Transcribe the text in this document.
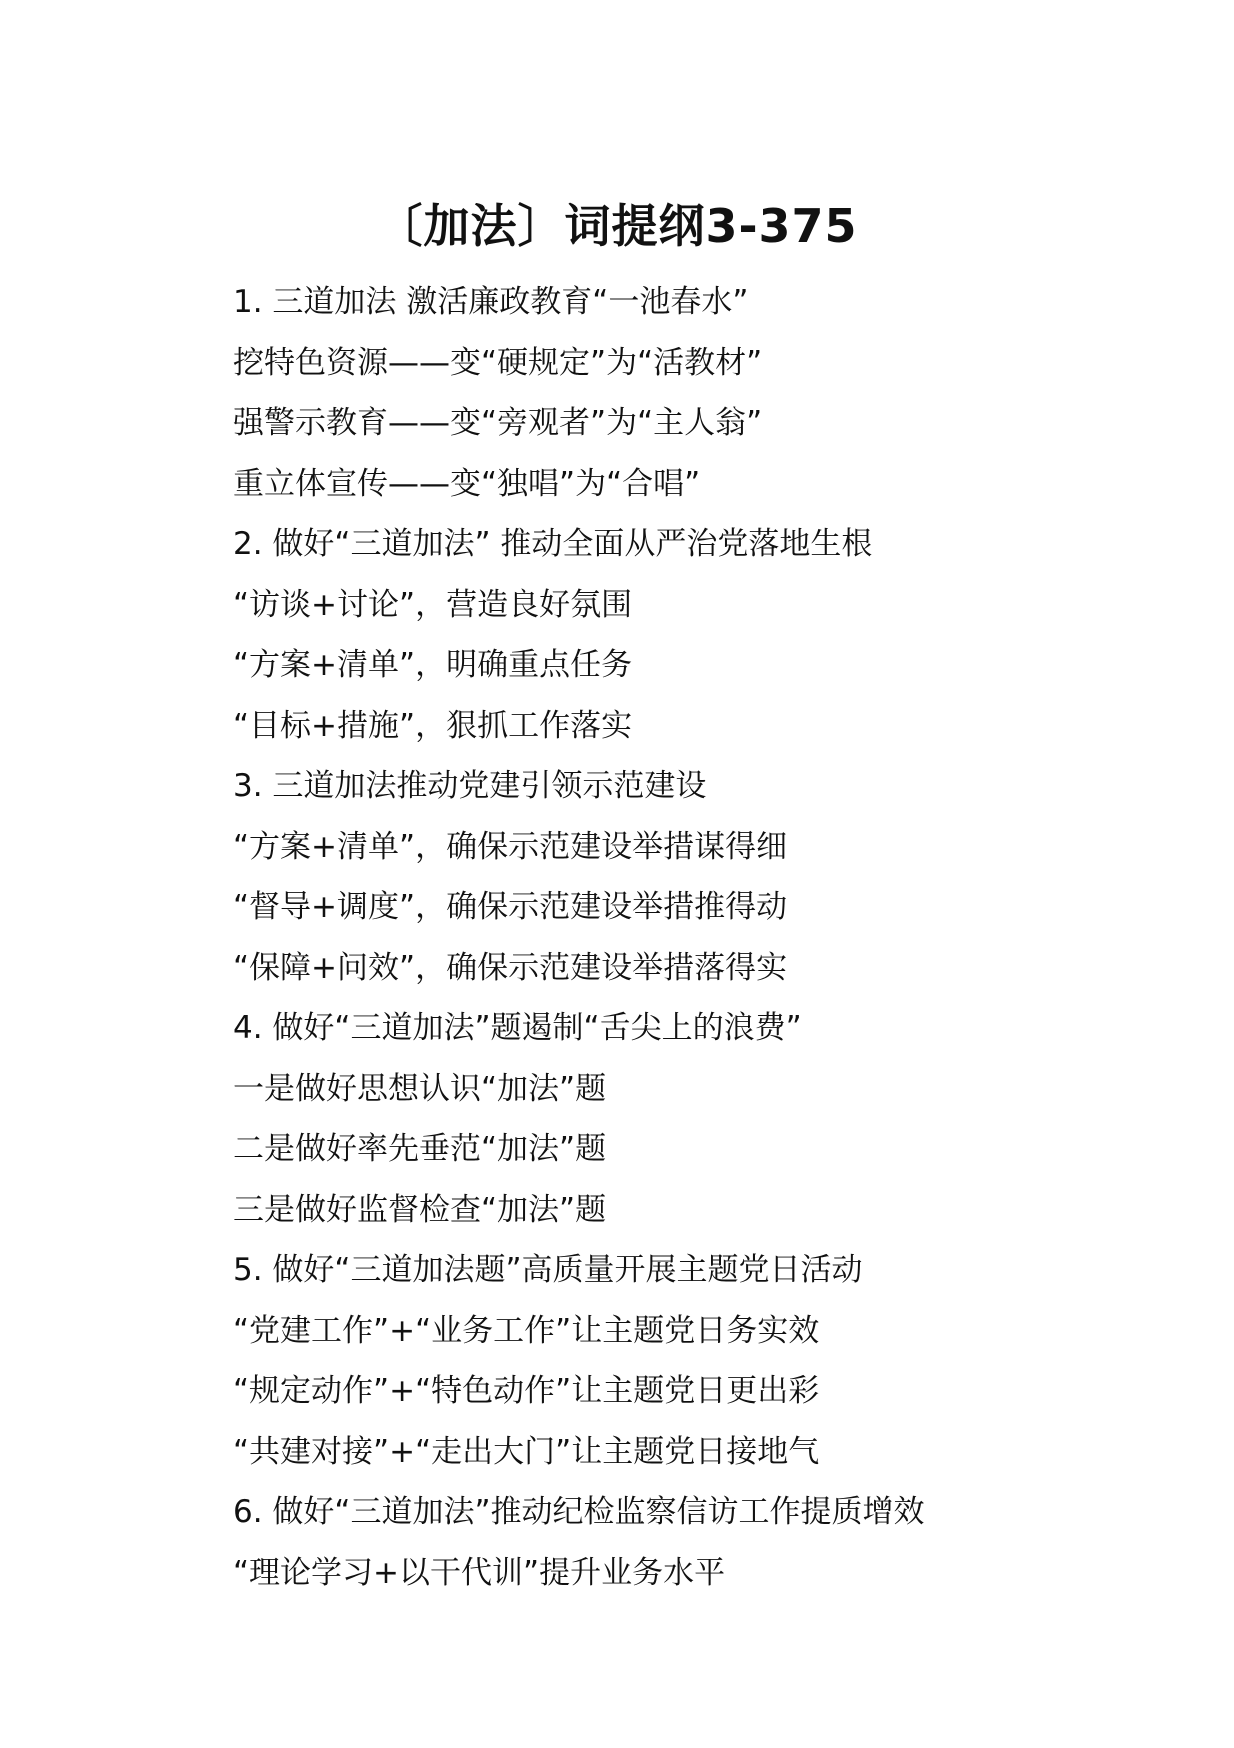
〔加法〕词提纲3-375
1. 三道加法 激活廉政教育“一池春水”
挖特色资源——变“硬规定”为“活教材”
强警示教育——变“旁观者”为“主人翁”
重立体宣传——变“独唱”为“合唱”
2. 做好“三道加法” 推动全面从严治党落地生根
“访谈+讨论”，营造良好氛围
“方案+清单”，明确重点任务
“目标+措施”，狠抓工作落实
3. 三道加法推动党建引领示范建设
“方案+清单”，确保示范建设举措谋得细
“督导+调度”，确保示范建设举措推得动
“保障+问效”，确保示范建设举措落得实
4. 做好“三道加法”题遏制“舌尖上的浪费”
一是做好思想认识“加法”题
二是做好率先垂范“加法”题
三是做好监督检查“加法”题
5. 做好“三道加法题”高质量开展主题党日活动
“党建工作”+“业务工作”让主题党日务实效
“规定动作”+“特色动作”让主题党日更出彩
“共建对接”+“走出大门”让主题党日接地气
6. 做好“三道加法”推动纪检监察信访工作提质增效
“理论学习+以干代训”提升业务水平
